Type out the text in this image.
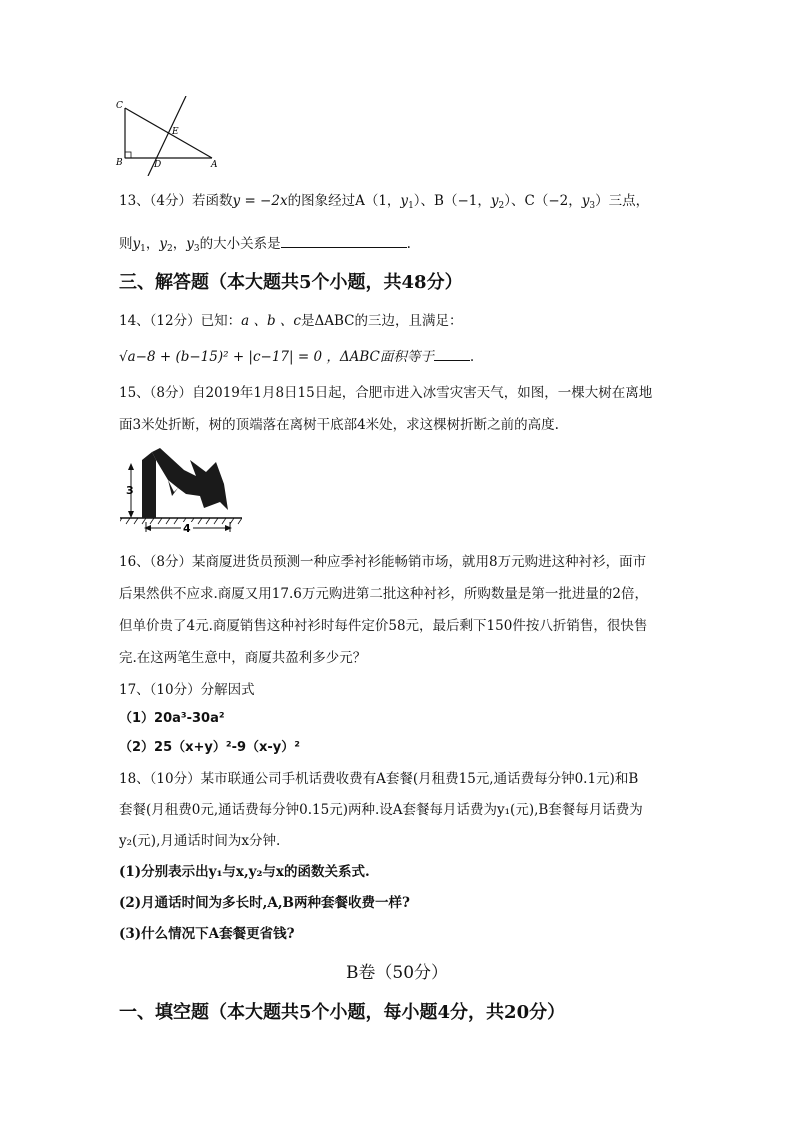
C
B	D	A
E
13、（4分）若函数y = −2x的图象经过A（1，$y_1$）、B（−1，$y_2$）、C（−2，$y_3$）三点，
则$y_1$，$y_2$，$y_3$的大小关系是	.
三、解答题（本大题共5个小题，共48分）
14、（12分）已知：a 、b 、c是ΔABC的三边，且满足：
√a−8 + (b−15)² + |c−17| = 0 ，ΔABC面积等于	.
15、（8分）自2019年1月8日15日起，合肥市进入冰雪灾害天气，如图，一棵大树在离地
面3米处折断，树的顶端落在离树干底部4米处，求这棵树折断之前的高度.
3
4
16、（8分）某商厦进货员预测一种应季衬衫能畅销市场，就用8万元购进这种衬衫，面市
后果然供不应求.商厦又用17.6万元购进第二批这种衬衫，所购数量是第一批进量的2倍，
但单价贵了4元.商厦销售这种衬衫时每件定价58元，最后剩下150件按八折销售，很快售
完.在这两笔生意中，商厦共盈利多少元？
17、（10分）分解因式
（1）20a³-30a²
（2）25（x+y）²-9（x-y）²
18、（10分）某市联通公司手机话费收费有A套餐(月租费15元,通话费每分钟0.1元)和B
套餐(月租费0元,通话费每分钟0.15元)两种.设A套餐每月话费为y₁(元),B套餐每月话费为
y₂(元),月通话时间为x分钟.
(1)分别表示出y₁与x,y₂与x的函数关系式.
(2)月通话时间为多长时,A,B两种套餐收费一样?
(3)什么情况下A套餐更省钱?
B卷（50分）
一、填空题（本大题共5个小题，每小题4分，共20分）
